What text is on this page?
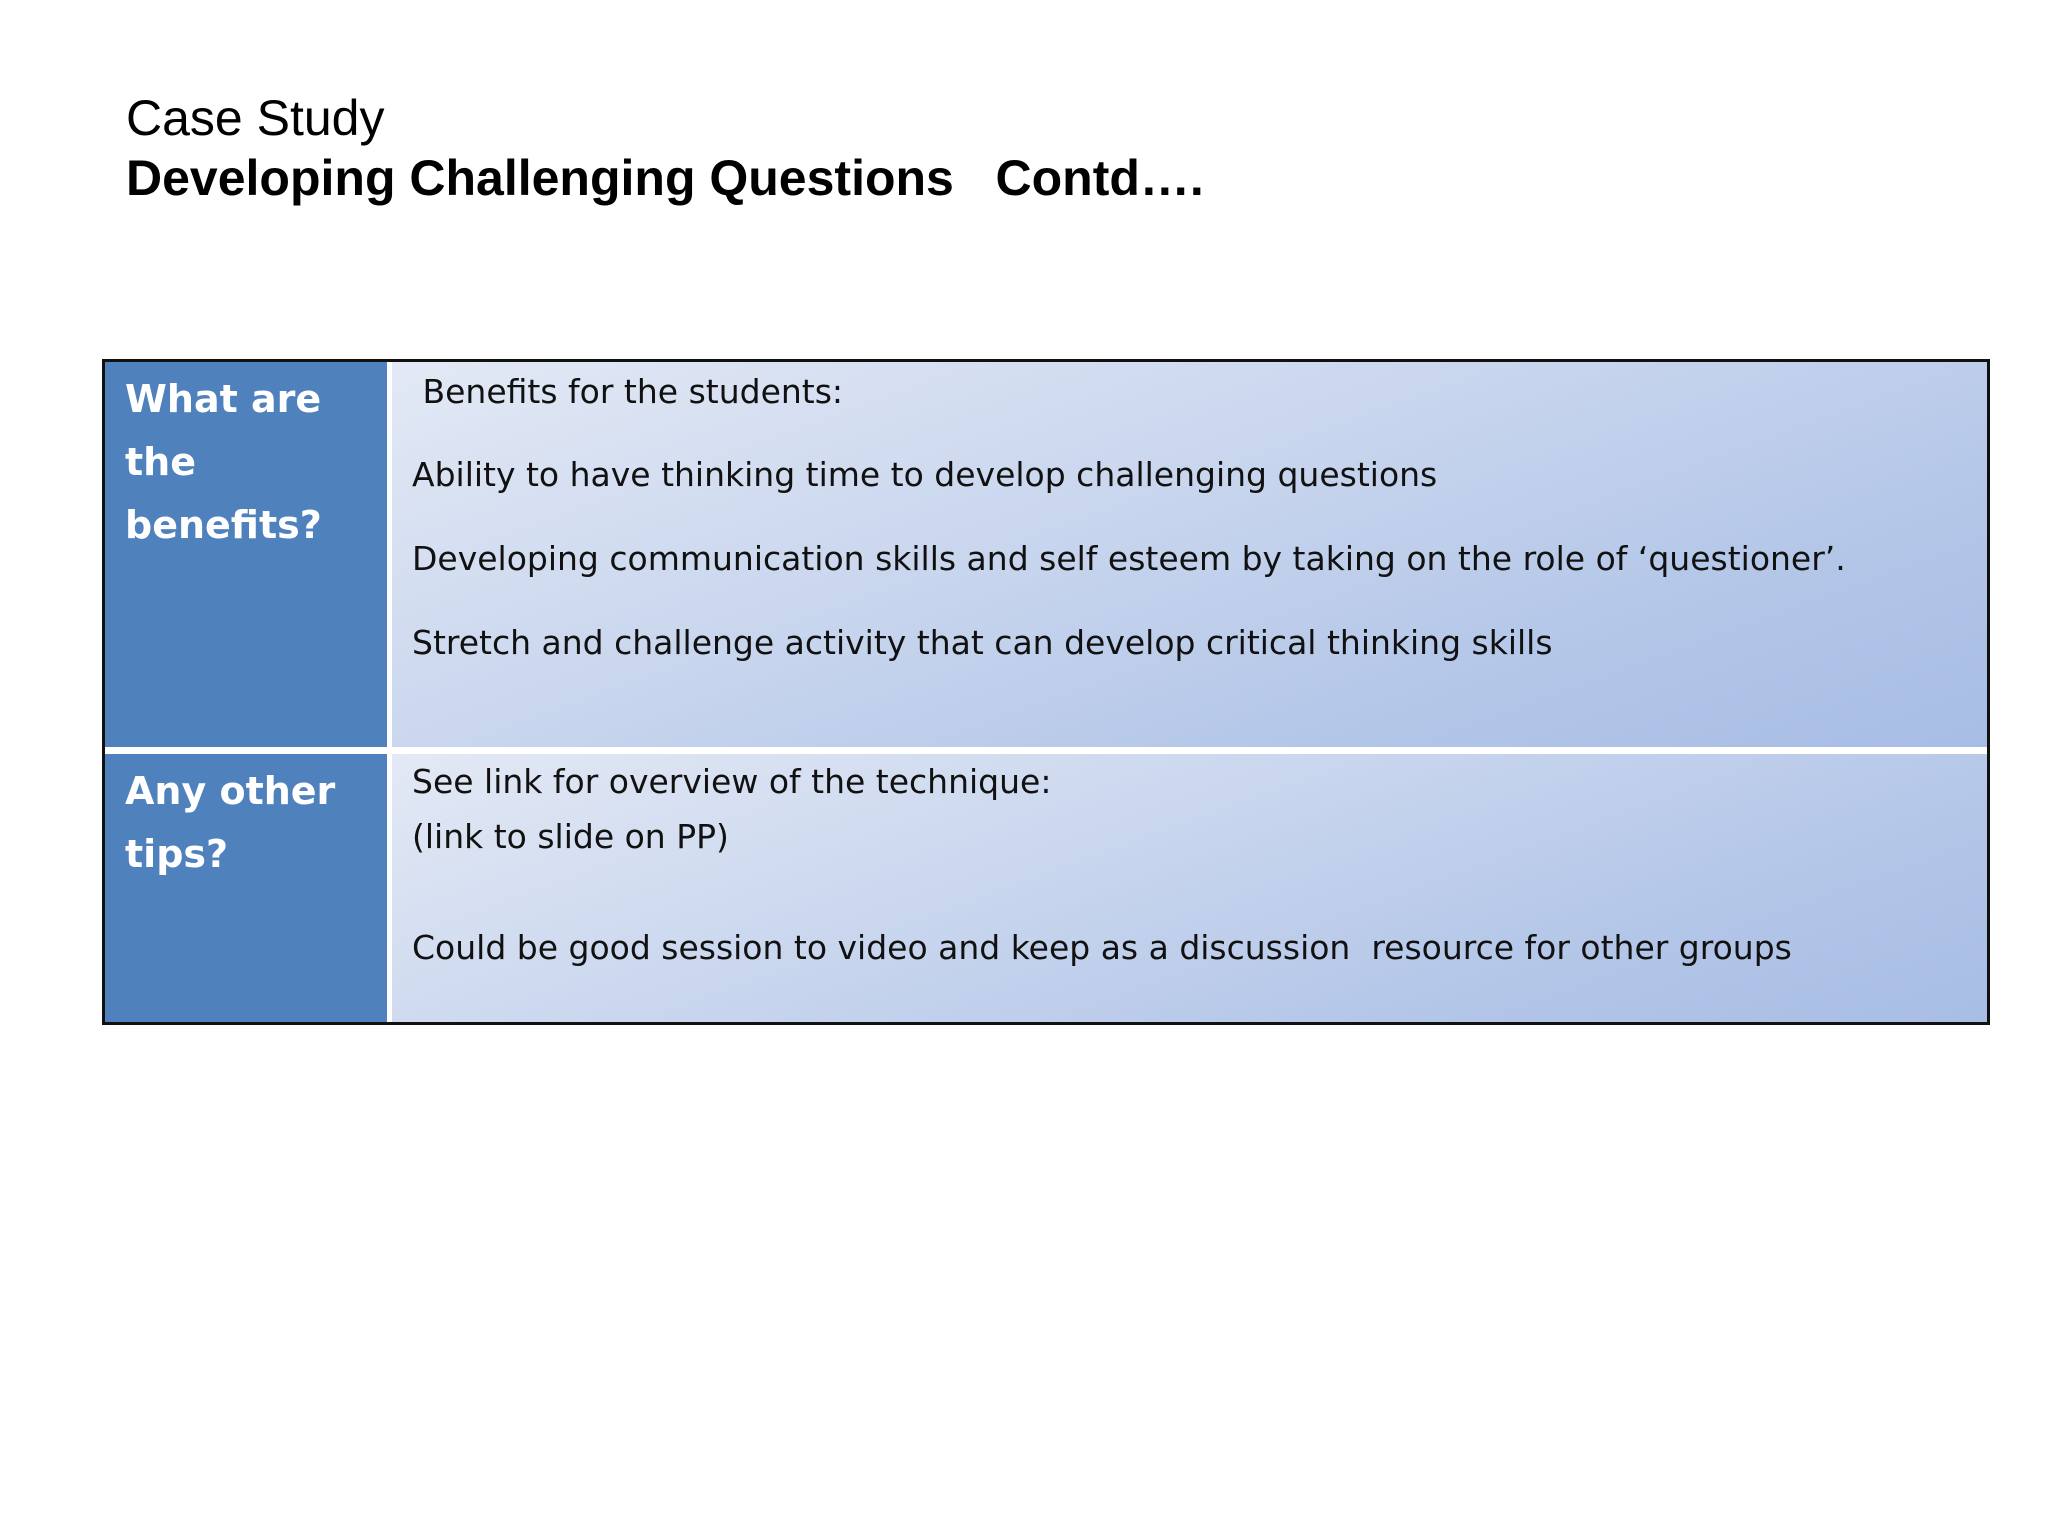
Case Study
Developing Challenging Questions   Contd….
What are the benefits?

Benefits for the students:

Ability to have thinking time to develop challenging questions

Developing communication skills and self esteem by taking on the role of ‘questioner’.

Stretch and challenge activity that can develop critical thinking skills

Any other tips?

See link for overview of the technique:

(link to slide on PP)

Could be good session to video and keep as a discussion  resource for other groups
